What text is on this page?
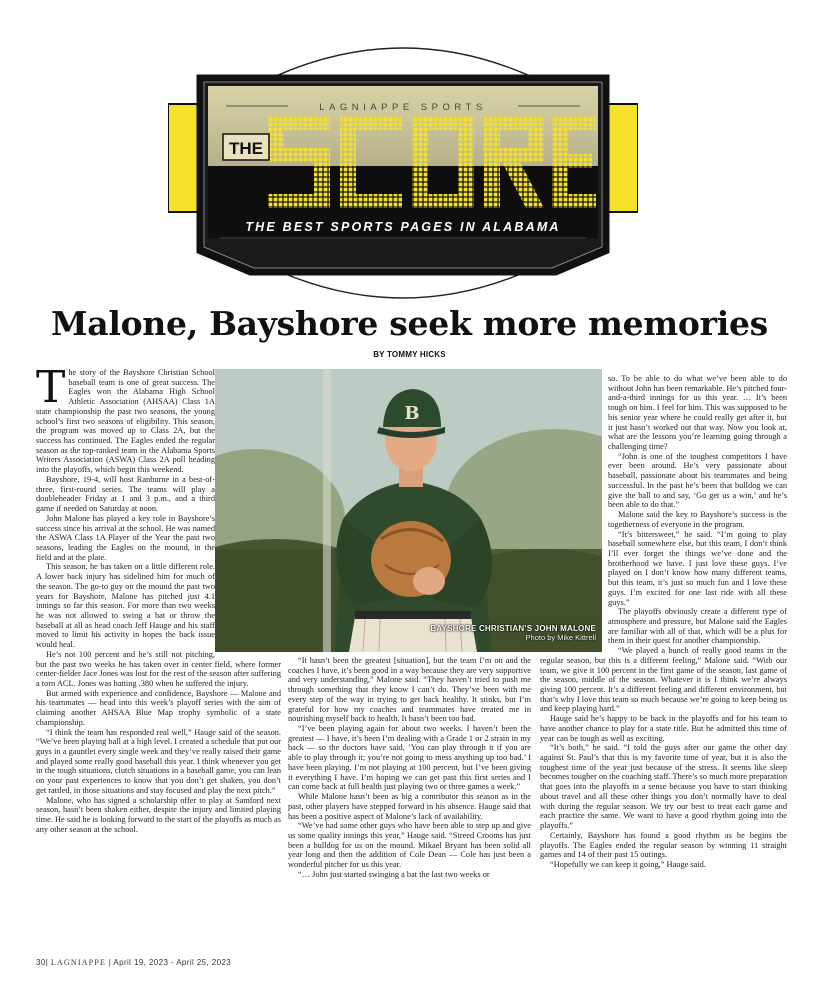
THE
LAGNIAPPE SPORTS
THE BEST SPORTS PAGES IN ALABAMA
Malone, Bayshore seek more memories
BY TOMMY HICKS

The story of the Bayshore Christian School baseball team is one of great success. The Eagles won the Alabama High School Athletic Association (AHSAA) Class 1A state championship the past two seasons, the young school’s first two seasons of eligibility. This season, the program was moved up to Class 2A, but the success has continued. The Eagles ended the regular season as the top-ranked team in the Alabama Sports Writers Association (ASWA) Class 2A poll heading into the playoffs, which begin this weekend.

Bayshore, 19-4, will host Ranburne in a best-of-three, first-round series. The teams will play a doubleheader Friday at 1 and 3 p.m., and a third game if needed on Saturday at noon.

John Malone has played a key role in Bayshore’s success since his arrival at the school. He was named the ASWA Class 1A Player of the Year the past two seasons, leading the Eagles on the mound, in the field and at the plate.

This season, he has taken on a little different role. A lower back injury has sidelined him for much of the season. The go-to guy on the mound the past two years for Bayshore, Malone has pitched just 4.1 innings so far this season. For more than two weeks he was not allowed to swing a bat or throw the baseball at all as head coach Jeff Hauge and his staff moved to limit his activity in hopes the back issue would heal.

He’s not 100 percent and he’s still not pitching, but the past two weeks he has taken over in center field, where former center-fielder Jace Jones was lost for the rest of the season after suffering a torn ACL. Jones was batting .380 when he suffered the injury.

But armed with experience and confidence, Bayshore — Malone and his teammates — head into this week’s playoff series with the aim of claiming another AHSAA Blue Map trophy symbolic of a state championship.

“I think the team has responded real well,” Hauge said of the season. “We’ve been playing ball at a high level. I created a schedule that put our guys in a gauntlet every single week and they’ve really raised their game and played some really good baseball this year. I think whenever you get in the tough situations, clutch situations in a baseball game, you can lean on your past experiences to know that you don’t get shaken, you don’t get rattled, in those situations and stay focused and play the next pitch.”

Malone, who has signed a scholarship offer to play at Samford next season, hasn’t been shaken either, despite the injury and limited playing time. He said he is looking forward to the start of the playoffs as much as any other season at the school.

B
BAYSHORE CHRISTIAN’S JOHN MALONE
Photo by Mike Kittrell

“It hasn’t been the greatest [situation], but the team I’m on and the coaches I have, it’s been good in a way because they are very supportive and very understanding,” Malone said. “They haven’t tried to push me through something that they know I can’t do. They’ve been with me every step of the way in trying to get back healthy. It stinks, but I’m grateful for how my coaches and teammates have treated me in nourishing myself back to health. It hasn’t been too bad.

“I’ve been playing again for about two weeks. I haven’t been the greatest — I have, it’s been I’m dealing with a Grade 1 or 2 strain in my back — so the doctors have said, ‘You can play through it if you are able to play through it; you’re not going to mess anything up too bad.’ I have been playing. I’m not playing at 100 percent, but I’ve been giving it everything I have. I’m hoping we can get past this first series and I can come back at full health just playing two or three games a week.”

While Malone hasn’t been as big a contributor this season as in the past, other players have stepped forward in his absence. Hauge said that has been a positive aspect of Malone’s lack of availability.

“We’ve had some other guys who have been able to step up and give us some quality innings this year,” Hauge said. “Streed Crooms has just been a bulldog for us on the mound. Mikael Bryant has been solid all year long and then the addition of Cole Dean — Cole has just been a wonderful pitcher for us this year.

“… John just started swinging a bat the last two weeks or

so. To be able to do what we’ve been able to do without John has been remarkable. He’s pitched four-and-a-third innings for us this year. … It’s been tough on him. I feel for him. This was supposed to be his senior year where he could really get after it, but it just hasn’t worked out that way. Now you look at, what are the lessons you’re learning going through a challenging time?

“John is one of the toughest competitors I have ever been around. He’s very passionate about baseball, passionate about his teammates and being successful. In the past he’s been that bulldog we can give the ball to and say, ‘Go get us a win,’ and he’s been able to do that.”

Malone said the key to Bayshore’s success is the togetherness of everyone in the program.

“It’s bittersweet,” he said. “I’m going to play baseball somewhere else, but this team, I don’t think I’ll ever forget the things we’ve done and the brotherhood we have. I just love these guys. I’ve played on I don’t know how many different teams, but this team, it’s just so much fun and I love these guys. I’m excited for one last ride with all these guys.”

The playoffs obviously create a different type of atmosphere and pressure, but Malone said the Eagles are familiar with all of that, which will be a plus for them in their quest for another championship.

“We played a bunch of really good teams in the regular season, but this is a different feeling,” Malone said. “With our team, we give it 100 percent in the first game of the season, last game of the season, middle of the season. Whatever it is I think we’re always giving 100 percent. It’s a different feeling and different environment, but that’s why I love this team so much because we’re going to keep being us and keep playing hard.”

Hauge said he’s happy to be back in the playoffs and for his team to have another chance to play for a state title. But he admitted this time of year can be tough as well as exciting.

“It’s both,” he said. “I told the guys after our game the other day against St. Paul’s that this is my favorite time of year, but it is also the toughest time of the year just because of the stress. It seems like sleep becomes tougher on the coaching staff. There’s so much more preparation that goes into the playoffs in a sense because you have to start thinking about travel and all these other things you don’t normally have to deal with during the regular season. We try our best to treat each game and each practice the same. We want to have a good rhythm going into the playoffs.”

Certainly, Bayshore has found a good rhythm as he begins the playoffs. The Eagles ended the regular season by winning 11 straight games and 14 of their past 15 outings.

“Hopefully we can keep it going,” Hauge said.

30| LAGNIAPPE | April 19, 2023 - April 25, 2023
